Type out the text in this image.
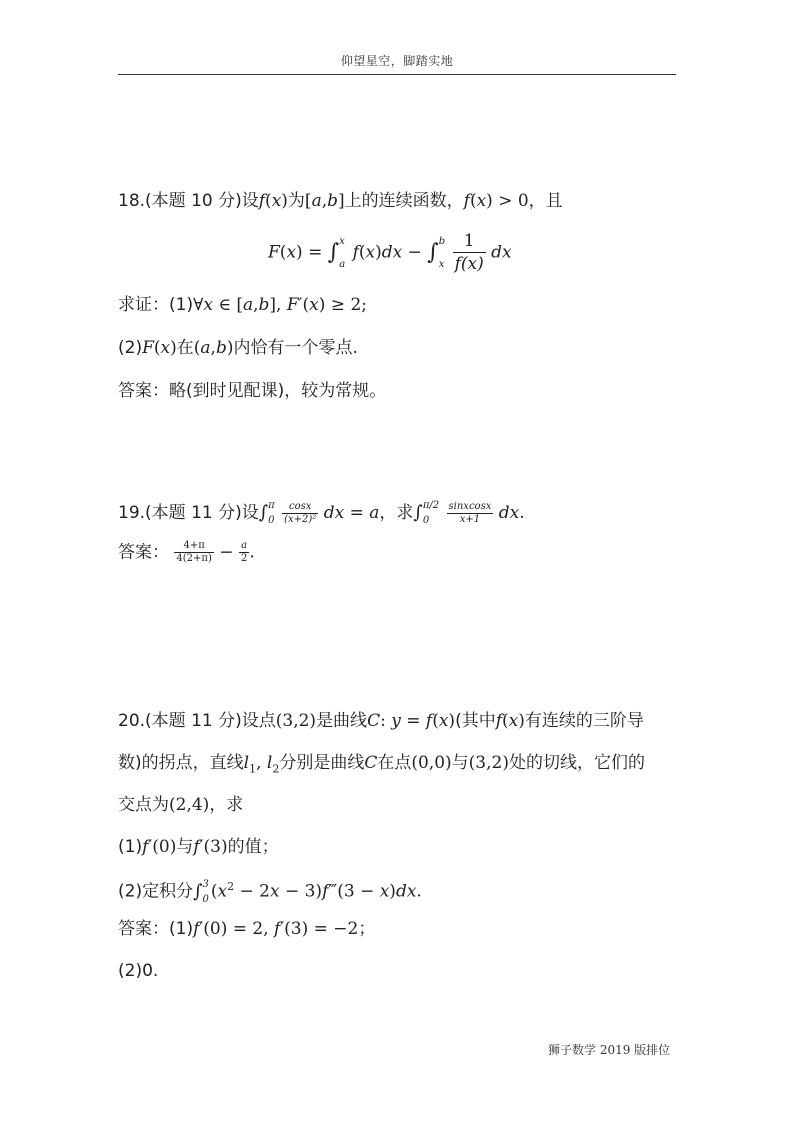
仰望星空，脚踏实地
18.(本题 10 分)设f(x)为[a,b]上的连续函数，f(x) > 0，且
F(x) = ∫ x
a
f(x)dx − ∫ b
x
$\frac{1}{f(x)}$ dx
求证：(1)∀x ∈ [a,b], F′(x) ≥ 2;
(2)F(x)在(a,b)内恰有一个零点.
答案：略(到时见配课)，较为常规。
19.(本题 11 分)设∫ π
0
$\frac{\cos x}{\text{(x+2)²}}$ dx = a，求∫ π/2
0
	$\frac{\text{sinxcosx}}{x+1}$ dx.
答案： $\frac{4+\pi}{4(2+\pi)} - \frac{a}{2}$ .
20.(本题 11 分)设点(3,2)是曲线C: y = f(x)(其中f(x)有连续的三阶导
数)的拐点，直线$l_1$, $l_2$分别是曲线C在点(0,0)与(3,2)处的切线，它们的
交点为(2,4)，求
(1)f′(0)与f′(3)的值；
(2)定积分∫ 3
0 ($x^2 - 2x$ − 3)f‴(3 − x)dx.
答案：(1)f′(0) = 2, f′(3) = −2；
(2)0.
狮子数学 2019 版排位
